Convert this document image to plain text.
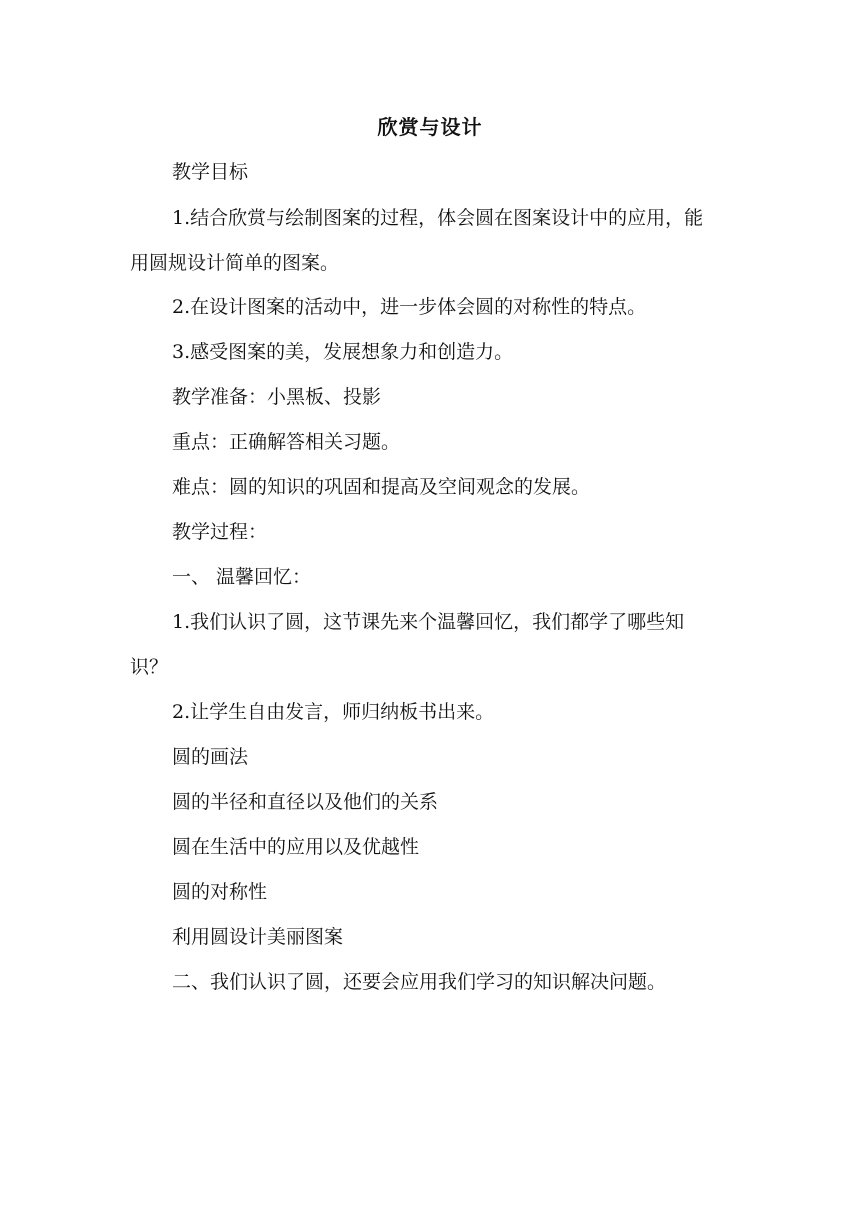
欣赏与设计
教学目标
1.结合欣赏与绘制图案的过程，体会圆在图案设计中的应用，能
用圆规设计简单的图案。
2.在设计图案的活动中，进一步体会圆的对称性的特点。
3.感受图案的美，发展想象力和创造力。
教学准备：小黑板、投影
重点：正确解答相关习题。
难点：圆的知识的巩固和提高及空间观念的发展。
教学过程：
一、 温馨回忆：
1.我们认识了圆，这节课先来个温馨回忆，我们都学了哪些知
识？
2.让学生自由发言，师归纳板书出来。
圆的画法
圆的半径和直径以及他们的关系
圆在生活中的应用以及优越性
圆的对称性
利用圆设计美丽图案
二、我们认识了圆，还要会应用我们学习的知识解决问题。
